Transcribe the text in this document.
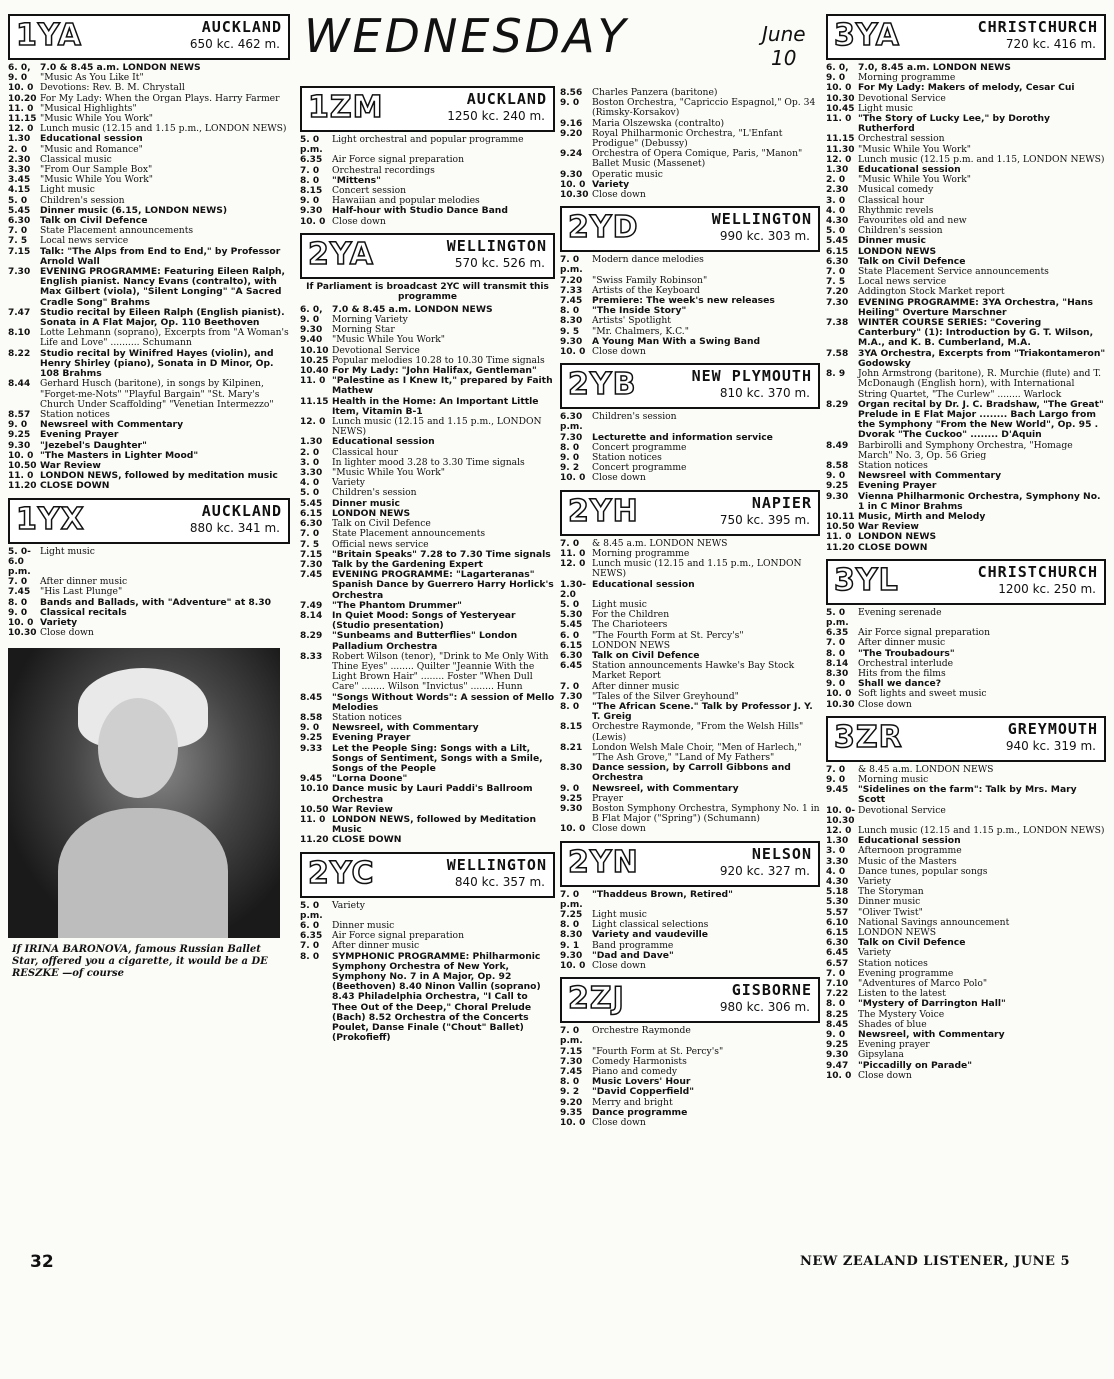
WEDNESDAY	June
10
1YA	AUCKLAND
650 kc. 462 m.
6. 0,	7.0 & 8.45 a.m. LONDON NEWS
9. 0	"Music As You Like It"
10. 0 Devotions: Rev. B. M. Chrystall
10.20 For My Lady: When the Organ Plays. Harry Farmer
11. 0 "Musical Highlights"
11.15 "Music While You Work"
12. 0 Lunch music (12.15 and 1.15 p.m., LONDON NEWS)
1.30	Educational session
2. 0	"Music and Romance"
2.30	Classical music
3.30	"From Our Sample Box"
3.45	"Music While You Work"
4.15	Light music
5. 0	Children's session
5.45	Dinner music (6.15, LONDON NEWS)
6.30	Talk on Civil Defence
7. 0	State Placement announcements
7. 5	Local news service
7.15	Talk: "The Alps from End to End," by Professor Arnold Wall
7.30	EVENING PROGRAMME: Featuring Eileen Ralph, English pianist. Nancy Evans (contralto), with Max Gilbert (viola), "Silent Longing" "A Sacred Cradle Song" Brahms
7.47	Studio recital by Eileen Ralph (English pianist). Sonata in A Flat Major, Op. 110 Beethoven
8.10	Lotte Lehmann (soprano), Excerpts from "A Woman's Life and Love" .......... Schumann
8.22	Studio recital by Winifred Hayes (violin), and Henry Shirley (piano), Sonata in D Minor, Op. 108 Brahms
8.44	Gerhard Husch (baritone), in songs by Kilpinen, "Forget-me-Nots" "Playful Bargain" "St. Mary's Church Under Scaffolding" "Venetian Intermezzo"
8.57	Station notices
9. 0	Newsreel with Commentary
9.25	Evening Prayer
9.30	"Jezebel's Daughter"
10. 0 "The Masters in Lighter Mood"
10.50 War Review
11. 0 LONDON NEWS, followed by meditation music
11.20 CLOSE DOWN
1YX	AUCKLAND
880 kc. 341 m.
5. 0-6.0 p.m.
Light music
7. 0	After dinner music
7.45	"His Last Plunge"
8. 0	Bands and Ballads, with "Adventure" at 8.30
9. 0	Classical recitals
10. 0 Variety
10.30 Close down
If IRINA BARONOVA, famous Russian Ballet Star, offered you a cigarette, it would be a DE RESZKE —of course
1ZM	AUCKLAND
1250 kc. 240 m.
5. 0 p.m.
Light orchestral and popular programme
6.35	Air Force signal preparation
7. 0	Orchestral recordings
8. 0	"Mittens"
8.15	Concert session
9. 0	Hawaiian and popular melodies
9.30	Half-hour with Studio Dance Band
10. 0 Close down
2YA	WELLINGTON
570 kc. 526 m.
If Parliament is broadcast 2YC will transmit this programme
6. 0,	7.0 & 8.45 a.m. LONDON NEWS
9. 0	Morning Variety
9.30	Morning Star
9.40	"Music While You Work"
10.10 Devotional Service
10.25 Popular melodies 10.28 to 10.30 Time signals
10.40 For My Lady: "John Halifax, Gentleman"
11. 0 "Palestine as I Knew It," prepared by Faith Mathew
11.15 Health in the Home: An Important Little Item, Vitamin B-1
12. 0 Lunch music (12.15 and 1.15 p.m., LONDON NEWS)
1.30	Educational session
2. 0	Classical hour
3. 0	In lighter mood 3.28 to 3.30 Time signals
3.30	"Music While You Work"
4. 0	Variety
5. 0	Children's session
5.45	Dinner music
6.15	LONDON NEWS
6.30	Talk on Civil Defence
7. 0	State Placement announcements
7. 5	Official news service
7.15	"Britain Speaks" 7.28 to 7.30 Time signals
7.30	Talk by the Gardening Expert
7.45	EVENING PROGRAMME: "Lagarteranas" Spanish Dance by Guerrero Harry Horlick's Orchestra
7.49	"The Phantom Drummer"
8.14	In Quiet Mood: Songs of Yesteryear (Studio presentation)
8.29	"Sunbeams and Butterflies" London Palladium Orchestra
8.33	Robert Wilson (tenor), "Drink to Me Only With Thine Eyes" ........ Quilter "Jeannie With the Light Brown Hair" ........ Foster "When Dull Care" ........ Wilson "Invictus" ........ Hunn
8.45	"Songs Without Words": A session of Mello Melodies
8.58	Station notices
9. 0	Newsreel, with Commentary
9.25	Evening Prayer
9.33	Let the People Sing: Songs with a Lilt, Songs of Sentiment, Songs with a Smile, Songs of the People
9.45	"Lorna Doone"
10.10 Dance music by Lauri Paddi's Ballroom Orchestra
10.50 War Review
11. 0 LONDON NEWS, followed by Meditation Music
11.20 CLOSE DOWN
2YC	WELLINGTON
840 kc. 357 m.
5. 0 p.m.
Variety
6. 0	Dinner music
6.35	Air Force signal preparation
7. 0	After dinner music
8. 0	SYMPHONIC PROGRAMME: Philharmonic Symphony Orchestra of New York, Symphony No. 7 in A Major, Op. 92 (Beethoven) 8.40 Ninon Vallin (soprano) 8.43 Philadelphia Orchestra, "I Call to Thee Out of the Deep," Choral Prelude (Bach) 8.52 Orchestra of the Concerts Poulet, Danse Finale ("Chout" Ballet) (Prokofieff)
8.56	Charles Panzera (baritone)
9. 0	Boston Orchestra, "Capriccio Espagnol," Op. 34 (Rimsky-Korsakov)
9.16	Maria Olszewska (contralto)
9.20	Royal Philharmonic Orchestra, "L'Enfant Prodigue" (Debussy)
9.24	Orchestra of Opera Comique, Paris, "Manon" Ballet Music (Massenet)
9.30	Operatic music
10. 0 Variety
10.30 Close down
2YD	WELLINGTON
990 kc. 303 m.
7. 0 p.m.
Modern dance melodies
7.20	"Swiss Family Robinson"
7.33	Artists of the Keyboard
7.45	Premiere: The week's new releases
8. 0	"The Inside Story"
8.30	Artists' Spotlight
9. 5	"Mr. Chalmers, K.C."
9.30	A Young Man With a Swing Band
10. 0 Close down
2YB	NEW PLYMOUTH
810 kc. 370 m.
6.30 p.m.
Children's session
7.30	Lecturette and information service
8. 0	Concert programme
9. 0	Station notices
9. 2	Concert programme
10. 0 Close down
2YH	NAPIER
750 kc. 395 m.
7. 0	& 8.45 a.m. LONDON NEWS
11. 0 Morning programme
12. 0 Lunch music (12.15 and 1.15 p.m., LONDON NEWS)
1.30-2.0
Educational session
5. 0	Light music
5.30	For the Children
5.45	The Charioteers
6. 0	"The Fourth Form at St. Percy's"
6.15	LONDON NEWS
6.30	Talk on Civil Defence
6.45	Station announcements Hawke's Bay Stock Market Report
7. 0	After dinner music
7.30	"Tales of the Silver Greyhound"
8. 0	"The African Scene." Talk by Professor J. Y. T. Greig
8.15	Orchestre Raymonde, "From the Welsh Hills" (Lewis)
8.21	London Welsh Male Choir, "Men of Harlech," "The Ash Grove," "Land of My Fathers"
8.30	Dance session, by Carroll Gibbons and Orchestra
9. 0	Newsreel, with Commentary
9.25	Prayer
9.30	Boston Symphony Orchestra, Symphony No. 1 in B Flat Major ("Spring") (Schumann)
10. 0 Close down
2YN	NELSON
920 kc. 327 m.
7. 0 p.m.
"Thaddeus Brown, Retired"
7.25	Light music
8. 0	Light classical selections
8.30	Variety and vaudeville
9. 1	Band programme
9.30	"Dad and Dave"
10. 0 Close down
2ZJ	GISBORNE
980 kc. 306 m.
7. 0 p.m.
Orchestre Raymonde
7.15	"Fourth Form at St. Percy's"
7.30	Comedy Harmonists
7.45	Piano and comedy
8. 0	Music Lovers' Hour
9. 2	"David Copperfield"
9.20	Merry and bright
9.35	Dance programme
10. 0 Close down
3YA	CHRISTCHURCH
720 kc. 416 m.
6. 0,	7.0, 8.45 a.m. LONDON NEWS
9. 0	Morning programme
10. 0 For My Lady: Makers of melody, Cesar Cui
10.30 Devotional Service
10.45 Light music
11. 0 "The Story of Lucky Lee," by Dorothy Rutherford
11.15 Orchestral session
11.30 "Music While You Work"
12. 0 Lunch music (12.15 p.m. and 1.15, LONDON NEWS)
1.30	Educational session
2. 0	"Music While You Work"
2.30	Musical comedy
3. 0	Classical hour
4. 0	Rhythmic revels
4.30	Favourites old and new
5. 0	Children's session
5.45	Dinner music
6.15	LONDON NEWS
6.30	Talk on Civil Defence
7. 0	State Placement Service announcements
7. 5	Local news service
7.20	Addington Stock Market report
7.30	EVENING PROGRAMME: 3YA Orchestra, "Hans Heiling" Overture Marschner
7.38	WINTER COURSE SERIES: "Covering Canterbury" (1): Introduction by G. T. Wilson, M.A., and K. B. Cumberland, M.A.
7.58	3YA Orchestra, Excerpts from "Triakontameron" Godowsky
8. 9	John Armstrong (baritone), R. Murchie (flute) and T. McDonaugh (English horn), with International String Quartet, "The Curlew" ........ Warlock
8.29	Organ recital by Dr. J. C. Bradshaw, "The Great" Prelude in E Flat Major ........ Bach Largo from the Symphony "From the New World", Op. 95 . Dvorak "The Cuckoo" ........ D'Aquin
8.49	Barbirolli and Symphony Orchestra, "Homage March" No. 3, Op. 56 Grieg
8.58	Station notices
9. 0	Newsreel with Commentary
9.25	Evening Prayer
9.30	Vienna Philharmonic Orchestra, Symphony No. 1 in C Minor Brahms
10.11 Music, Mirth and Melody
10.50 War Review
11. 0 LONDON NEWS
11.20 CLOSE DOWN
3YL	CHRISTCHURCH
1200 kc. 250 m.
5. 0 p.m.
Evening serenade
6.35	Air Force signal preparation
7. 0	After dinner music
8. 0	"The Troubadours"
8.14	Orchestral interlude
8.30	Hits from the films
9. 0	Shall we dance?
10. 0 Soft lights and sweet music
10.30 Close down
3ZR	GREYMOUTH
940 kc. 319 m.
7. 0	& 8.45 a.m. LONDON NEWS
9. 0	Morning music
9.45	"Sidelines on the farm": Talk by Mrs. Mary Scott
10. 0-10.30
Devotional Service
12. 0 Lunch music (12.15 and 1.15 p.m., LONDON NEWS)
1.30	Educational session
3. 0	Afternoon programme
3.30	Music of the Masters
4. 0	Dance tunes, popular songs
4.30	Variety
5.18	The Storyman
5.30	Dinner music
5.57	"Oliver Twist"
6.10	National Savings announcement
6.15	LONDON NEWS
6.30	Talk on Civil Defence
6.45	Variety
6.57	Station notices
7. 0	Evening programme
7.10	"Adventures of Marco Polo"
7.22	Listen to the latest
8. 0	"Mystery of Darrington Hall"
8.25	The Mystery Voice
8.45	Shades of blue
9. 0	Newsreel, with Commentary
9.25	Evening prayer
9.30	Gipsylana
9.47	"Piccadilly on Parade"
10. 0 Close down
32	NEW ZEALAND LISTENER, JUNE 5
